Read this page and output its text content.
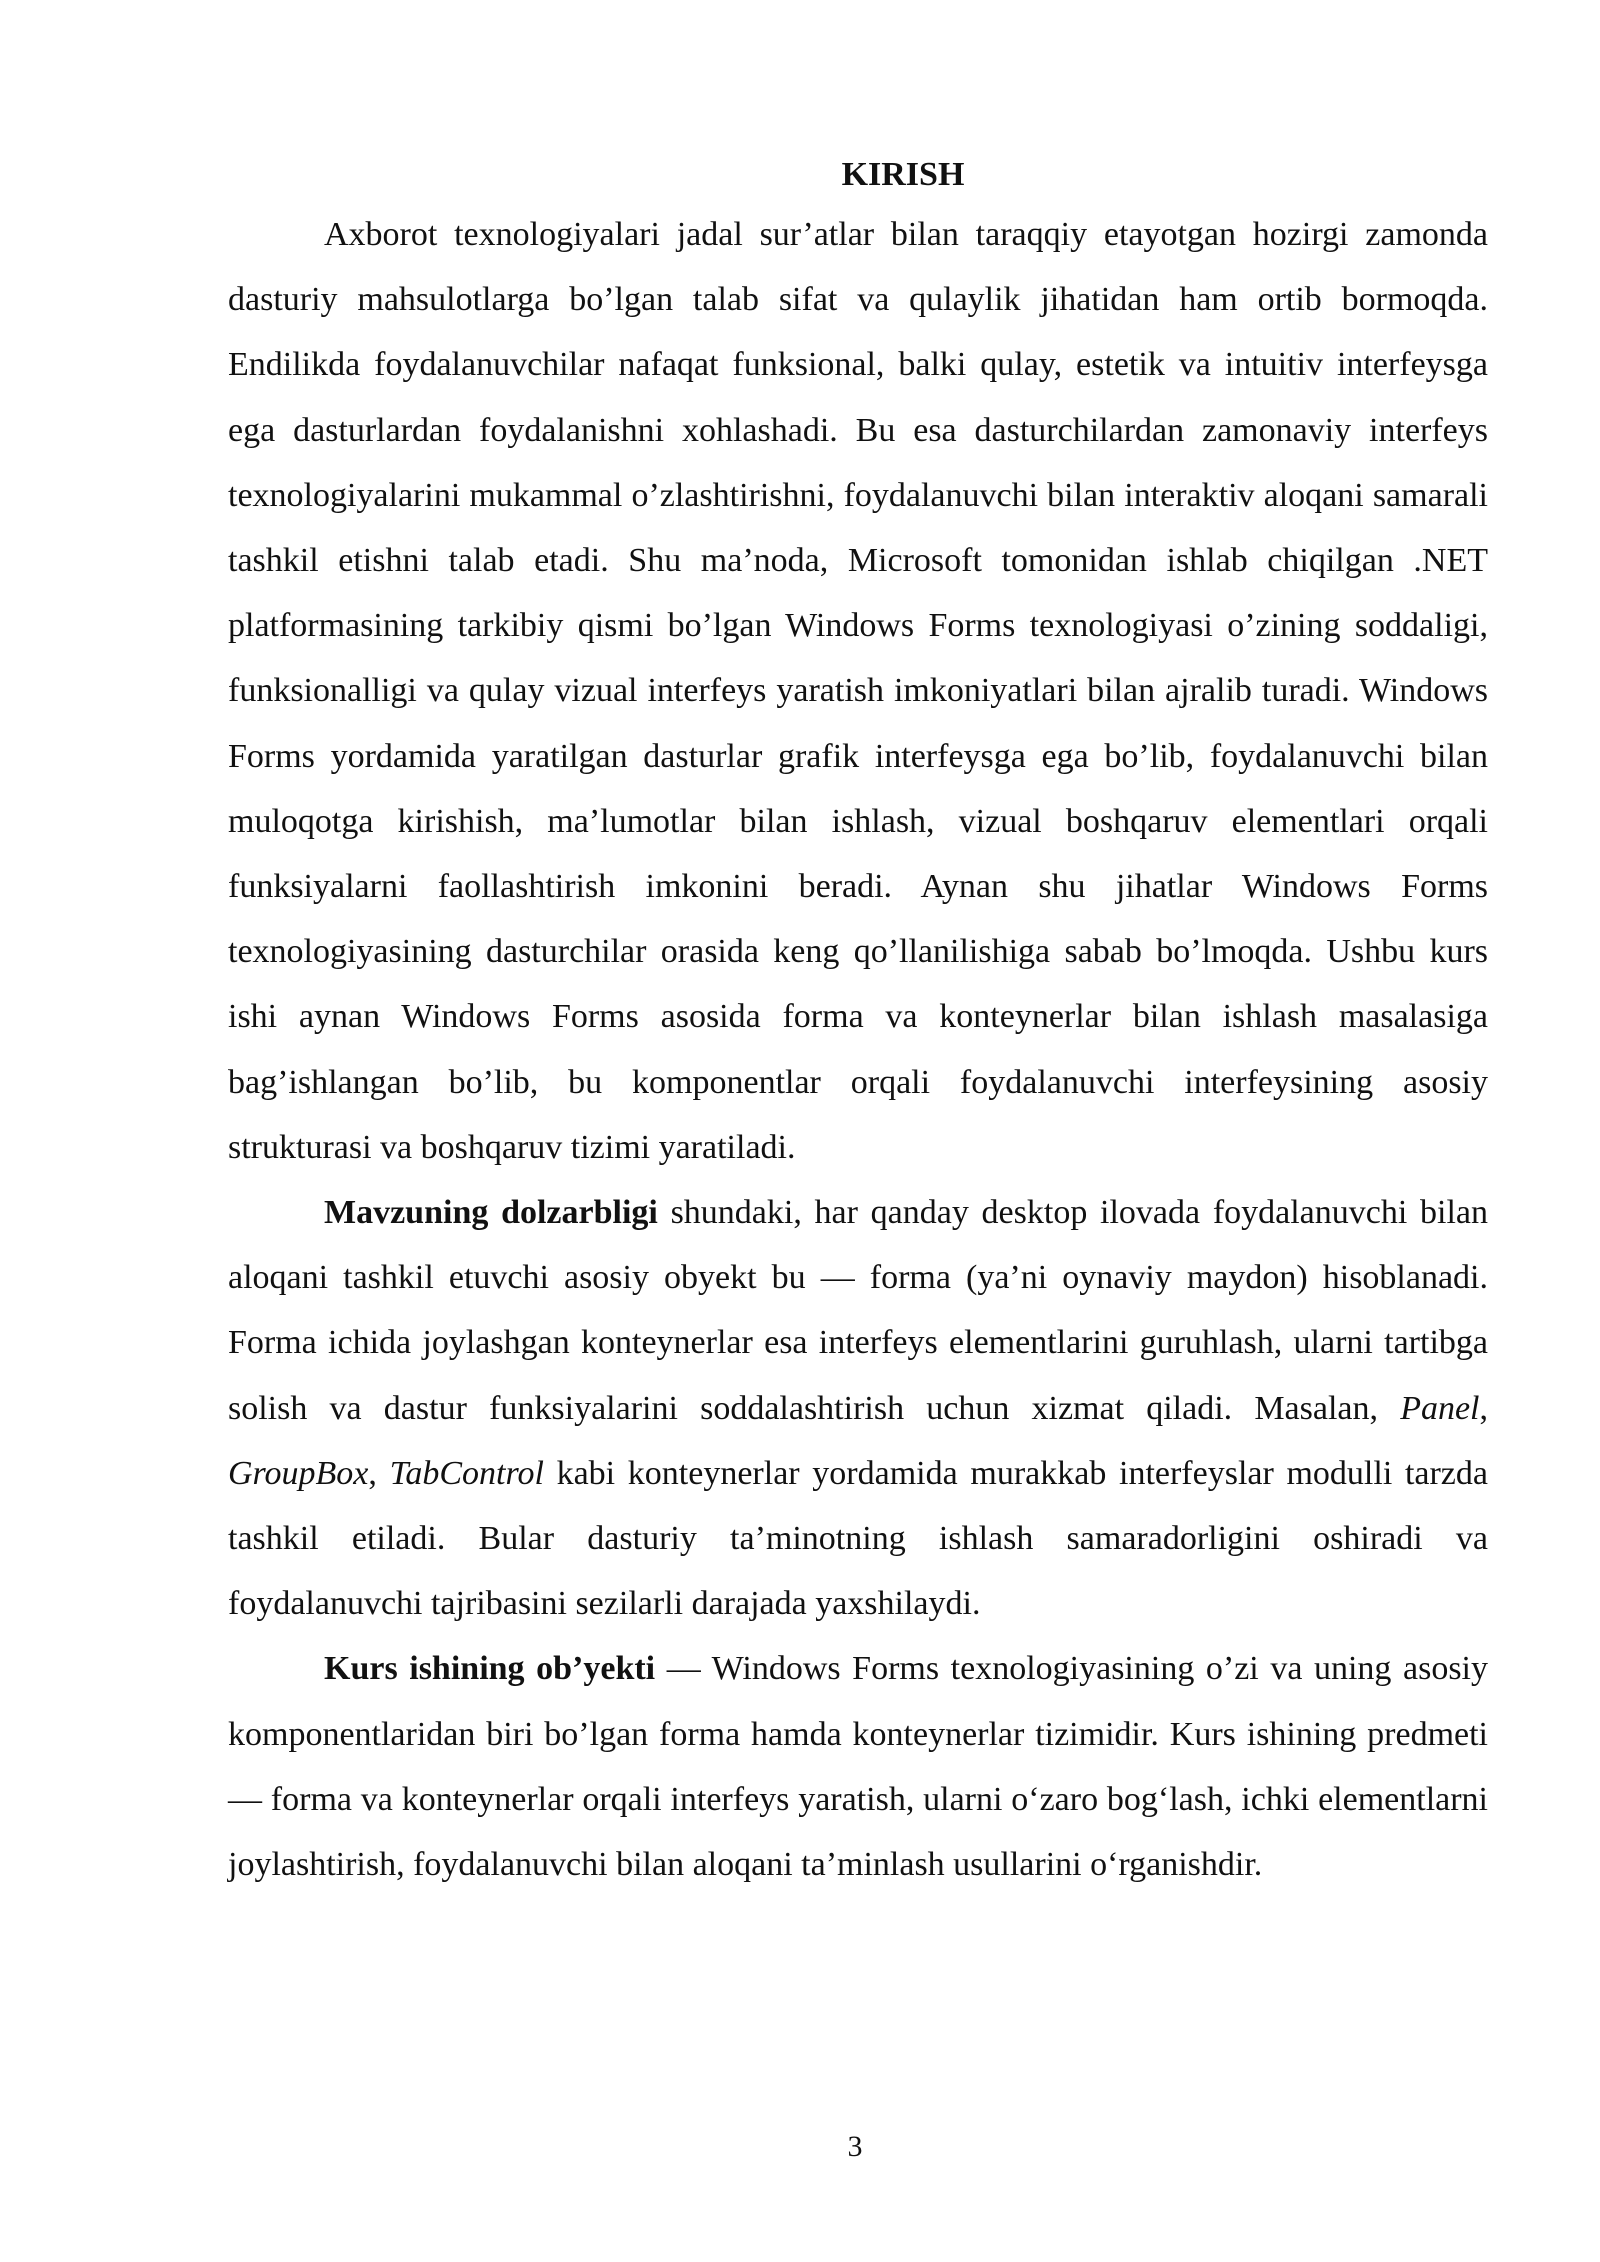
KIRISH

Axborot texnologiyalari jadal sur’atlar bilan taraqqiy etayotgan hozirgi zamonda dasturiy mahsulotlarga bo’lgan talab sifat va qulaylik jihatidan ham ortib bormoqda. Endilikda foydalanuvchilar nafaqat funksional, balki qulay, estetik va intuitiv interfeysga ega dasturlardan foydalanishni xohlashadi. Bu esa dasturchilardan zamonaviy interfeys texnologiyalarini mukammal o’zlashtirishni, foydalanuvchi bilan interaktiv aloqani samarali tashkil etishni talab etadi. Shu ma’noda, Microsoft tomonidan ishlab chiqilgan .NET platformasining tarkibiy qismi bo’lgan Windows Forms texnologiyasi o’zining soddaligi, funksionalligi va qulay vizual interfeys yaratish imkoniyatlari bilan ajralib turadi. Windows Forms yordamida yaratilgan dasturlar grafik interfeysga ega bo’lib, foydalanuvchi bilan muloqotga kirishish, ma’lumotlar bilan ishlash, vizual boshqaruv elementlari orqali funksiyalarni faollashtirish imkonini beradi. Aynan shu jihatlar Windows Forms texnologiyasining dasturchilar orasida keng qo’llanilishiga sabab bo’lmoqda. Ushbu kurs ishi aynan Windows Forms asosida forma va konteynerlar bilan ishlash masalasiga bag’ishlangan bo’lib, bu komponentlar orqali foydalanuvchi interfeysining asosiy strukturasi va boshqaruv tizimi yaratiladi.

Mavzuning dolzarbligi shundaki, har qanday desktop ilovada foydalanuvchi bilan aloqani tashkil etuvchi asosiy obyekt bu — forma (ya’ni oynaviy maydon) hisoblanadi. Forma ichida joylashgan konteynerlar esa interfeys elementlarini guruhlash, ularni tartibga solish va dastur funksiyalarini soddalashtirish uchun xizmat qiladi. Masalan, Panel, GroupBox, TabControl kabi konteynerlar yordamida murakkab interfeyslar modulli tarzda tashkil etiladi. Bular dasturiy ta’minotning ishlash samaradorligini oshiradi va foydalanuvchi tajribasini sezilarli darajada yaxshilaydi.

Kurs ishining ob’yekti — Windows Forms texnologiyasining o’zi va uning asosiy komponentlaridan biri bo’lgan forma hamda konteynerlar tizimidir. Kurs ishining predmeti — forma va konteynerlar orqali interfeys yaratish, ularni o‘zaro bog‘lash, ichki elementlarni joylashtirish, foydalanuvchi bilan aloqani ta’minlash usullarini o‘rganishdir.

3
